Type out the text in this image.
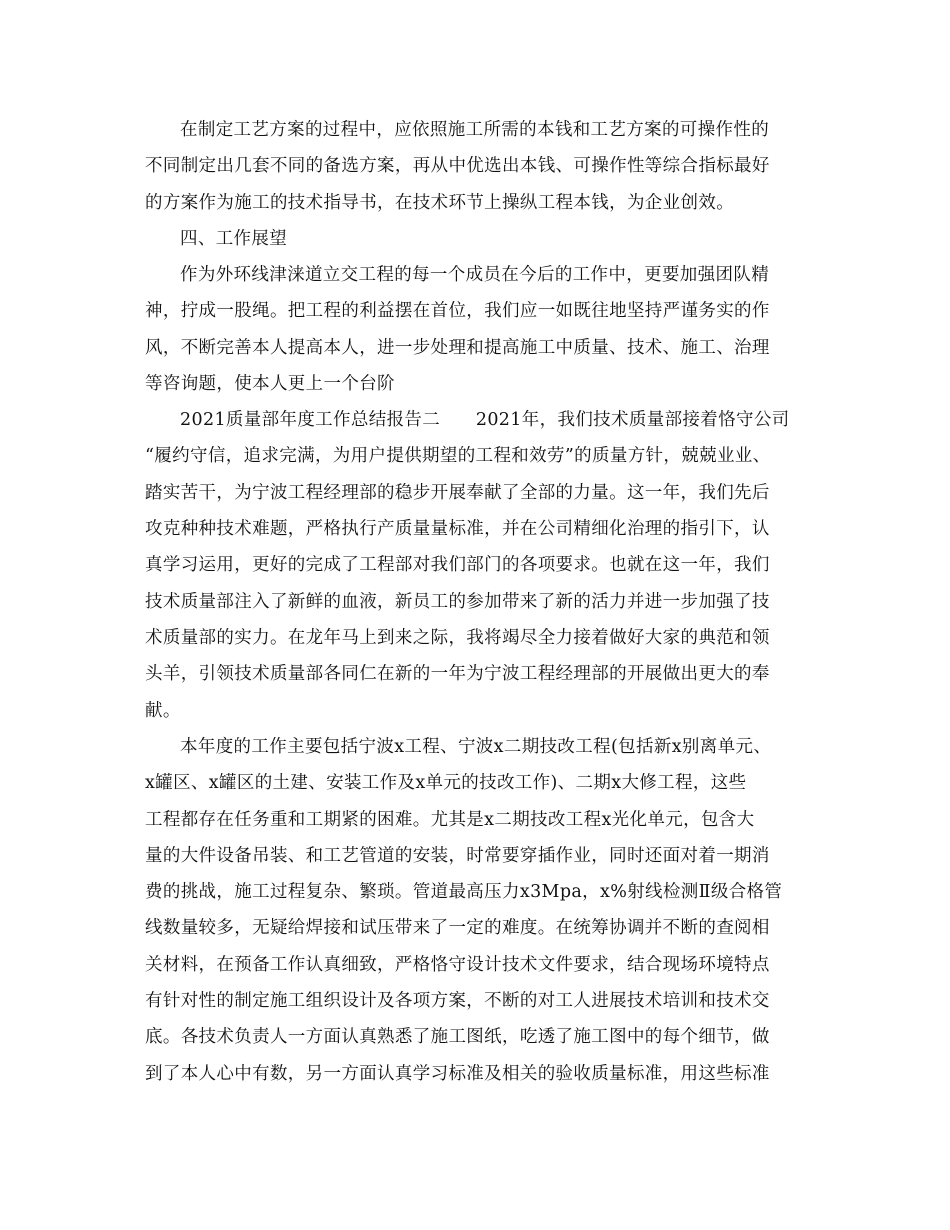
在制定工艺方案的过程中，应依照施工所需的本钱和工艺方案的可操作性的
不同制定出几套不同的备选方案，再从中优选出本钱、可操作性等综合指标最好
的方案作为施工的技术指导书，在技术环节上操纵工程本钱，为企业创效。
四、工作展望
作为外环线津涞道立交工程的每一个成员在今后的工作中，更要加强团队精
神，拧成一股绳。把工程的利益摆在首位，我们应一如既往地坚持严谨务实的作
风，不断完善本人提高本人，进一步处理和提高施工中质量、技术、施工、治理
等咨询题，使本人更上一个台阶
2021质量部年度工作总结报告二　　2021年，我们技术质量部接着恪守公司
“履约守信，追求完满，为用户提供期望的工程和效劳”的质量方针，兢兢业业、
踏实苦干，为宁波工程经理部的稳步开展奉献了全部的力量。这一年，我们先后
攻克种种技术难题，严格执行产质量量标准，并在公司精细化治理的指引下，认
真学习运用，更好的完成了工程部对我们部门的各项要求。也就在这一年，我们
技术质量部注入了新鲜的血液，新员工的参加带来了新的活力并进一步加强了技
术质量部的实力。在龙年马上到来之际，我将竭尽全力接着做好大家的典范和领
头羊，引领技术质量部各同仁在新的一年为宁波工程经理部的开展做出更大的奉
献。
本年度的工作主要包括宁波x工程、宁波x二期技改工程(包括新x别离单元、
x罐区、x罐区的土建、安装工作及x单元的技改工作)、二期x大修工程，这些
工程都存在任务重和工期紧的困难。尤其是x二期技改工程x光化单元，包含大
量的大件设备吊装、和工艺管道的安装，时常要穿插作业，同时还面对着一期消
费的挑战，施工过程复杂、繁琐。管道最高压力x3Mpa，x%射线检测Ⅱ级合格管
线数量较多，无疑给焊接和试压带来了一定的难度。在统筹协调并不断的查阅相
关材料，在预备工作认真细致，严格恪守设计技术文件要求，结合现场环境特点
有针对性的制定施工组织设计及各项方案，不断的对工人进展技术培训和技术交
底。各技术负责人一方面认真熟悉了施工图纸，吃透了施工图中的每个细节，做
到了本人心中有数，另一方面认真学习标准及相关的验收质量标准，用这些标准
